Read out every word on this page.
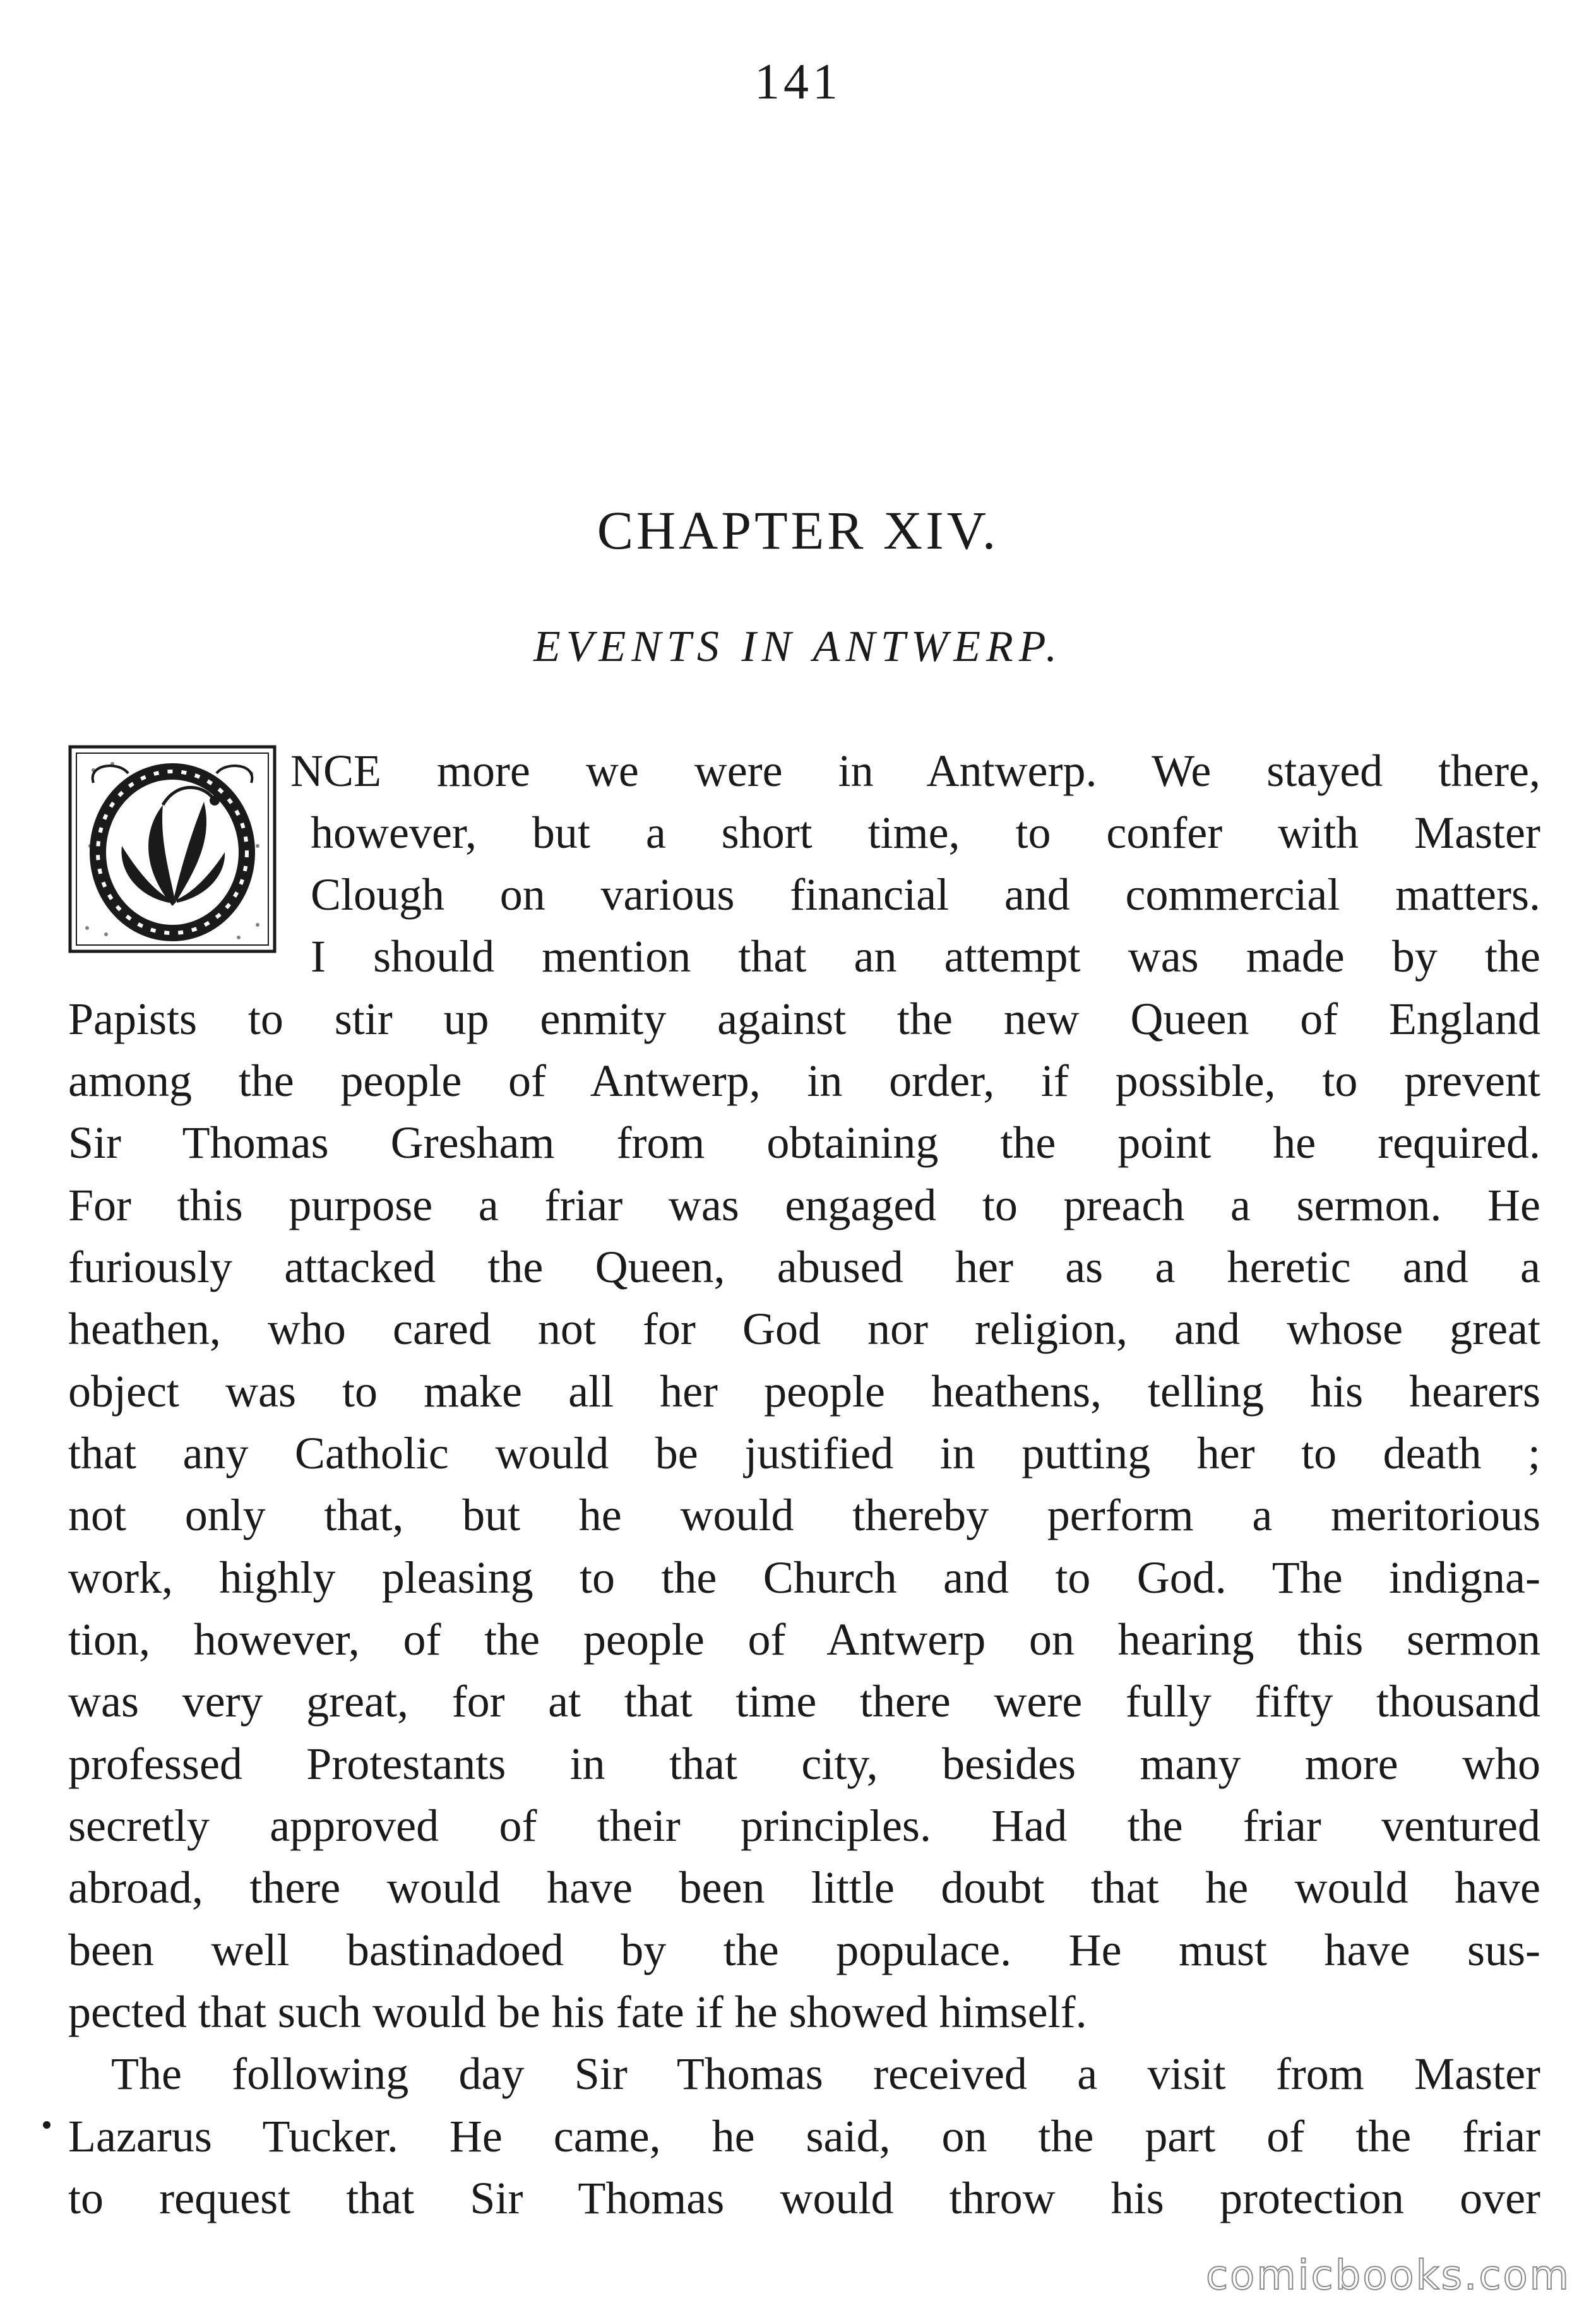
141
CHAPTER XIV.
EVENTS IN ANTWERP.
NCE more we were in Antwerp. We stayed there,
however, but a short time, to confer with Master
Clough on various financial and commercial matters.
I should mention that an attempt was made by the
Papists to stir up enmity against the new Queen of England
among the people of Antwerp, in order, if possible, to prevent
Sir Thomas Gresham from obtaining the point he required.
For this purpose a friar was engaged to preach a sermon. He
furiously attacked the Queen, abused her as a heretic and a
heathen, who cared not for God nor religion, and whose great
object was to make all her people heathens, telling his hearers
that any Catholic would be justified in putting her to death ;
not only that, but he would thereby perform a meritorious
work, highly pleasing to the Church and to God. The indigna-
tion, however, of the people of Antwerp on hearing this sermon
was very great, for at that time there were fully fifty thousand
professed Protestants in that city, besides many more who
secretly approved of their principles. Had the friar ventured
abroad, there would have been little doubt that he would have
been well bastinadoed by the populace. He must have sus-
pected that such would be his fate if he showed himself.
The following day Sir Thomas received a visit from Master
Lazarus Tucker. He came, he said, on the part of the friar
to request that Sir Thomas would throw his protection over
comicbooks.com
